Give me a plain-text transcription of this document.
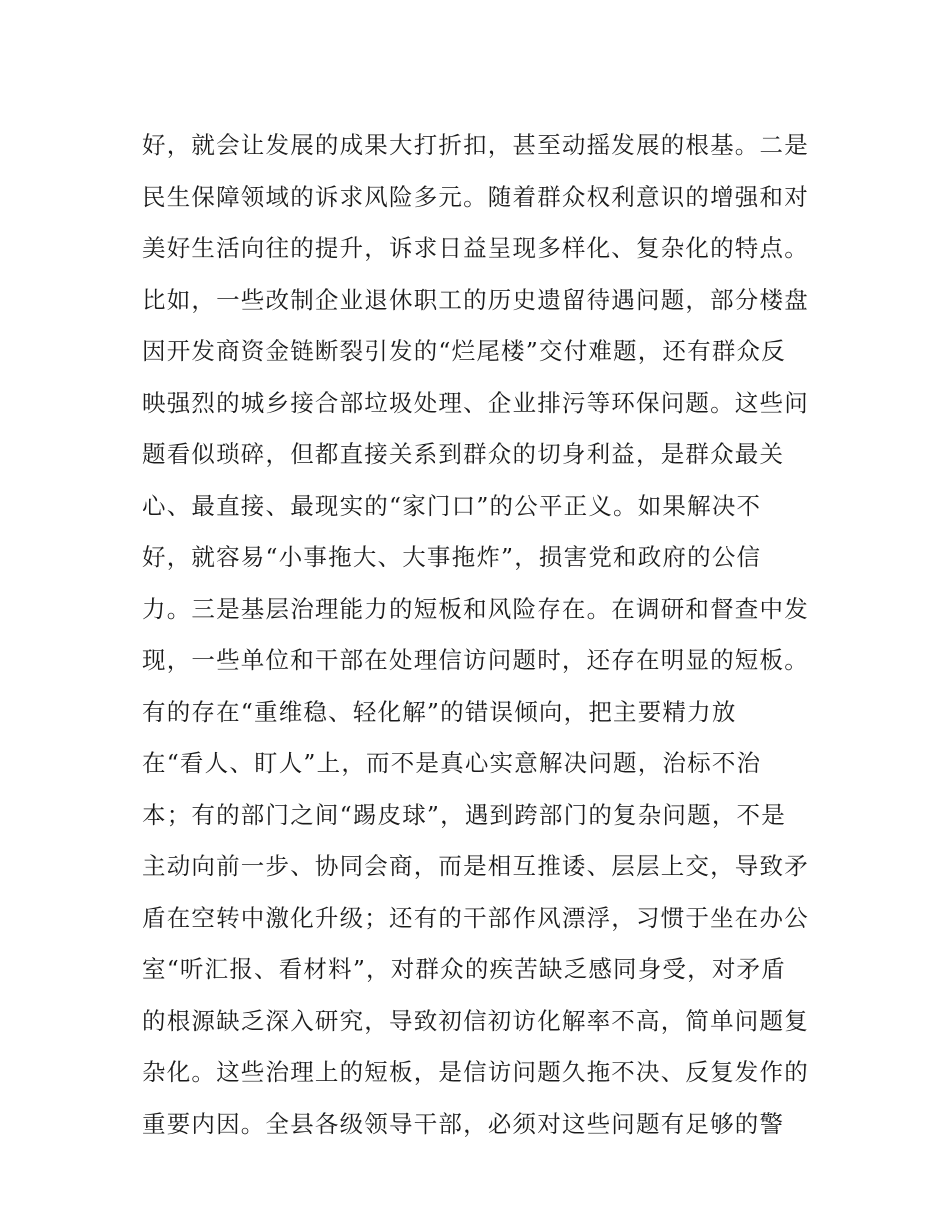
好，就会让发展的成果大打折扣，甚至动摇发展的根基。二是
民生保障领域的诉求风险多元。随着群众权利意识的增强和对
美好生活向往的提升，诉求日益呈现多样化、复杂化的特点。
比如，一些改制企业退休职工的历史遗留待遇问题，部分楼盘
因开发商资金链断裂引发的“烂尾楼”交付难题，还有群众反
映强烈的城乡接合部垃圾处理、企业排污等环保问题。这些问
题看似琐碎，但都直接关系到群众的切身利益，是群众最关
心、最直接、最现实的“家门口”的公平正义。如果解决不
好，就容易“小事拖大、大事拖炸”，损害党和政府的公信
力。三是基层治理能力的短板和风险存在。在调研和督查中发
现，一些单位和干部在处理信访问题时，还存在明显的短板。
有的存在“重维稳、轻化解”的错误倾向，把主要精力放
在“看人、盯人”上，而不是真心实意解决问题，治标不治
本；有的部门之间“踢皮球”，遇到跨部门的复杂问题，不是
主动向前一步、协同会商，而是相互推诿、层层上交，导致矛
盾在空转中激化升级；还有的干部作风漂浮，习惯于坐在办公
室“听汇报、看材料”，对群众的疾苦缺乏感同身受，对矛盾
的根源缺乏深入研究，导致初信初访化解率不高，简单问题复
杂化。这些治理上的短板，是信访问题久拖不决、反复发作的
重要内因。全县各级领导干部，必须对这些问题有足够的警
